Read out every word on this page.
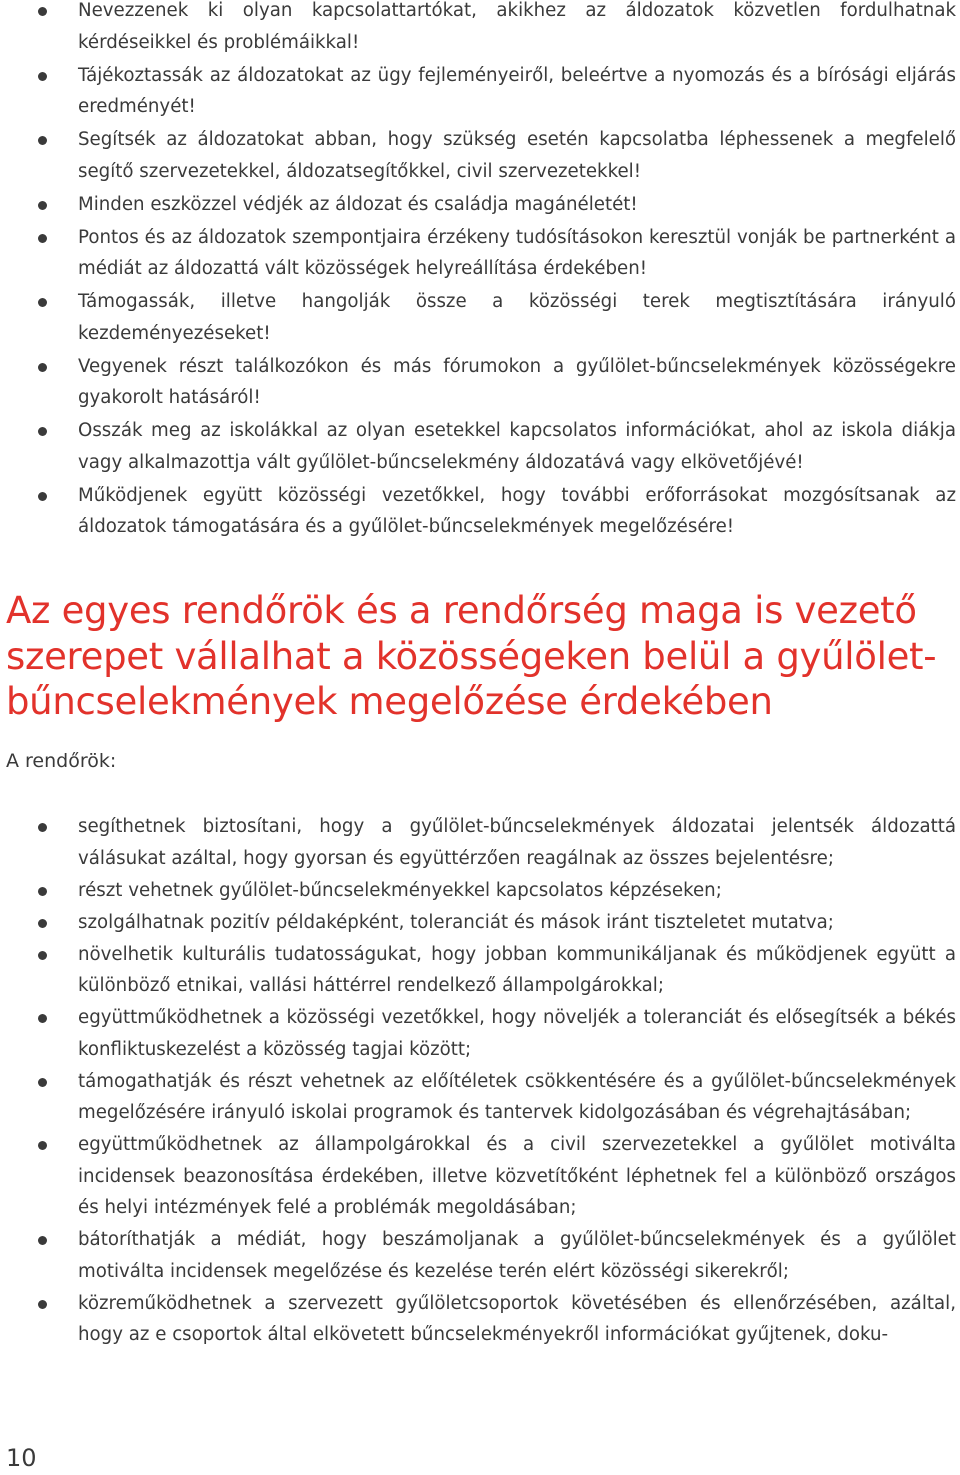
Nevezzenek ki olyan kapcsolattartókat, akikhez az áldozatok közvetlen fordulhatnak kérdéseikkel és problémáikkal!
Tájékoztassák az áldozatokat az ügy fejleményeiről, beleértve a nyomozás és a bírósági eljárás eredményét!
Segítsék az áldozatokat abban, hogy szükség esetén kapcsolatba léphessenek a megfelelő segítő szervezetekkel, áldozatsegítőkkel, civil szervezetekkel!
Minden eszközzel védjék az áldozat és családja magánéletét!
Pontos és az áldozatok szempontjaira érzékeny tudósításokon keresztül vonják be partnerként a médiát az áldozattá vált közösségek helyreállítása érdekében!
Támogassák, illetve hangolják össze a közösségi terek megtisztítására irányuló kezdeményezéseket!
Vegyenek részt találkozókon és más fórumokon a gyűlölet-bűncselekmények közösségekre gyakorolt hatásáról!
Osszák meg az iskolákkal az olyan esetekkel kapcsolatos információkat, ahol az iskola diákja vagy alkalmazottja vált gyűlölet-bűncselekmény áldozatává vagy elkövetőjévé!
Működjenek együtt közösségi vezetőkkel, hogy további erőforrásokat mozgósítsanak az áldozatok támogatására és a gyűlölet-bűncselekmények megelőzésére!
Az egyes rendőrök és a rendőrség maga is vezető szerepet vállalhat a közösségeken belül a gyűlölet-bűncselekmények megelőzése érdekében

A rendőrök:

segíthetnek biztosítani, hogy a gyűlölet-bűncselekmények áldozatai jelentsék áldozattá válásukat azáltal, hogy gyorsan és együttérzően reagálnak az összes bejelentésre;
részt vehetnek gyűlölet-bűncselekményekkel kapcsolatos képzéseken;
szolgálhatnak pozitív példaképként, toleranciát és mások iránt tiszteletet mutatva;
növelhetik kulturális tudatosságukat, hogy jobban kommunikáljanak és működjenek együtt a különböző etnikai, vallási háttérrel rendelkező állampolgárokkal;
együttműködhetnek a közösségi vezetőkkel, hogy növeljék a toleranciát és elősegítsék a békés konfliktuskezelést a közösség tagjai között;
támogathatják és részt vehetnek az előítéletek csökkentésére és a gyűlölet-bűncselekmények megelőzésére irányuló iskolai programok és tantervek kidolgozásában és végrehajtásában;
együttműködhetnek az állampolgárokkal és a civil szervezetekkel a gyűlölet motiválta incidensek beazonosítása érdekében, illetve közvetítőként léphetnek fel a különböző országos és helyi intézmények felé a problémák megoldásában;
bátoríthatják a médiát, hogy beszámoljanak a gyűlölet-bűncselekmények és a gyűlölet motiválta incidensek megelőzése és kezelése terén elért közösségi sikerekről;
közreműködhetnek a szervezett gyűlöletcsoportok követésében és ellenőrzésében, azáltal, hogy az e csoportok által elkövetett bűncselekményekről információkat gyűjtenek, doku-
10
